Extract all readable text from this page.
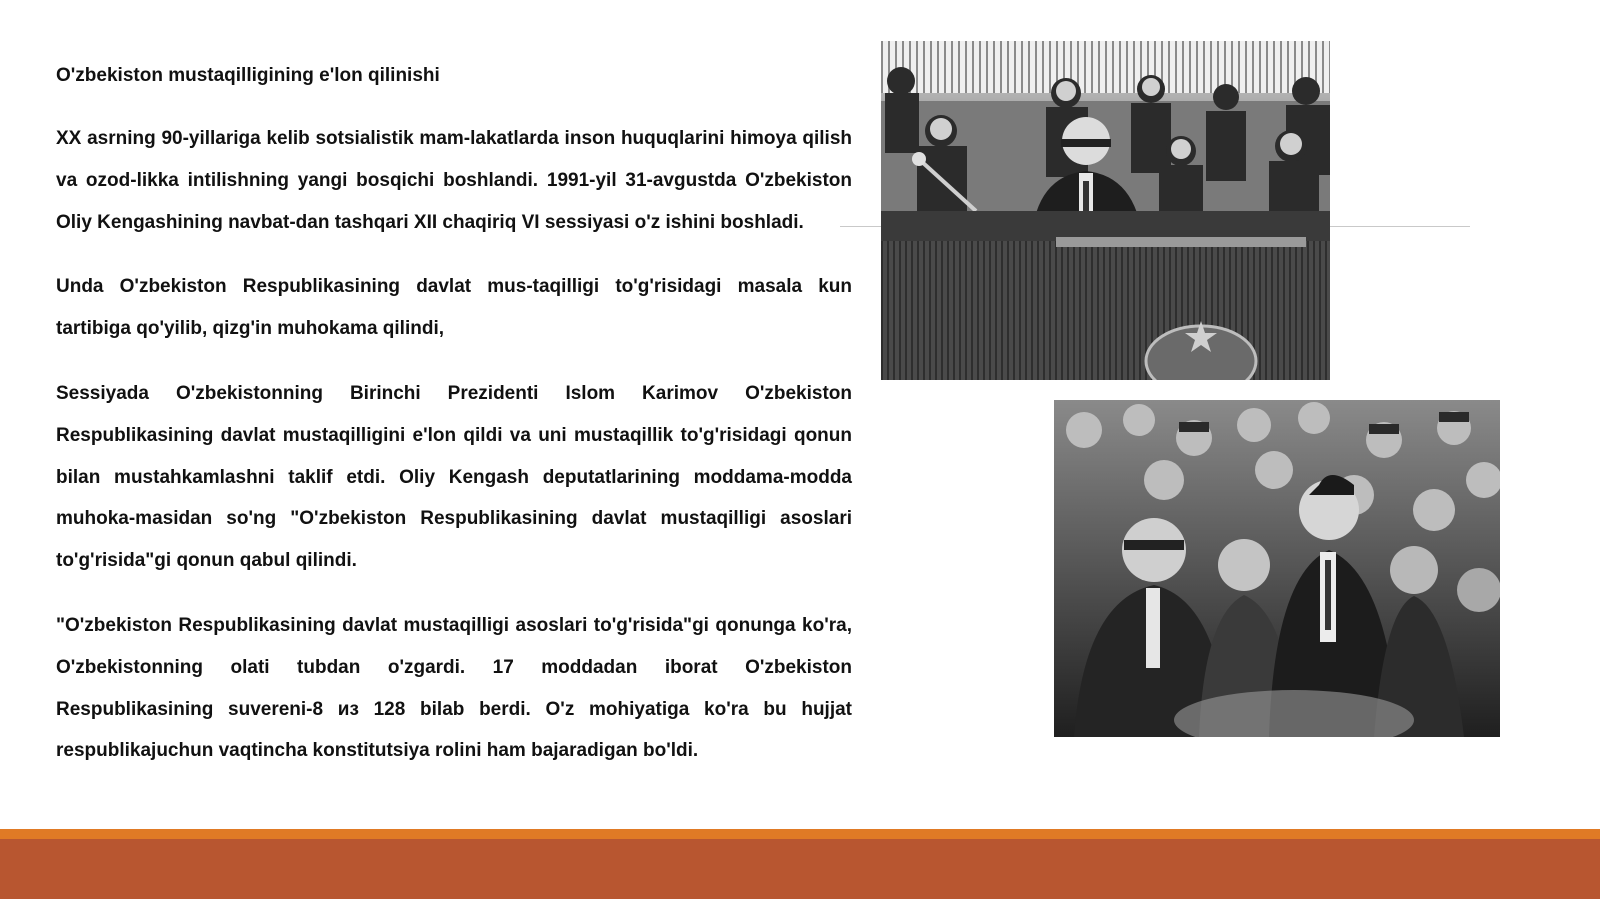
O'zbekiston mustaqilligining e'lon qilinishi

XX asrning 90-yillariga kelib sotsialistik mam-lakatlarda inson huquqlarini himoya qilish va ozod-likka intilishning yangi bosqichi boshlandi. 1991-yil 31-avgustda O'zbekiston Oliy Kengashining navbat-dan tashqari XII chaqiriq VI sessiyasi o'z ishini boshladi.

Unda O'zbekiston Respublikasining davlat mus-taqilligi to'g'risidagi masala kun tartibiga qo'yilib, qizg'in muhokama qilindi,

Sessiyada O'zbekistonning Birinchi Prezidenti Islom Karimov O'zbekiston Respublikasining davlat mustaqilligini e'lon qildi va uni mustaqillik to'g'risidagi qonun bilan mustahkamlashni taklif etdi. Oliy Kengash deputatlarining moddama-modda muhoka-masidan so'ng "O'zbekiston Respublikasining davlat mustaqilligi asoslari to'g'risida"gi qonun qabul qilindi.

"O'zbekiston Respublikasining davlat mustaqilligi asoslari to'g'risida"gi qonunga ko'ra, O'zbekistonning olati tubdan o'zgardi. 17 moddadan iborat O'zbekiston Respublikasining suvereni-8 из 128 bilab berdi. O'z mohiyatiga ko'ra bu hujjat respublikajuchun vaqtincha konstitutsiya rolini ham bajaradigan bo'ldi.
